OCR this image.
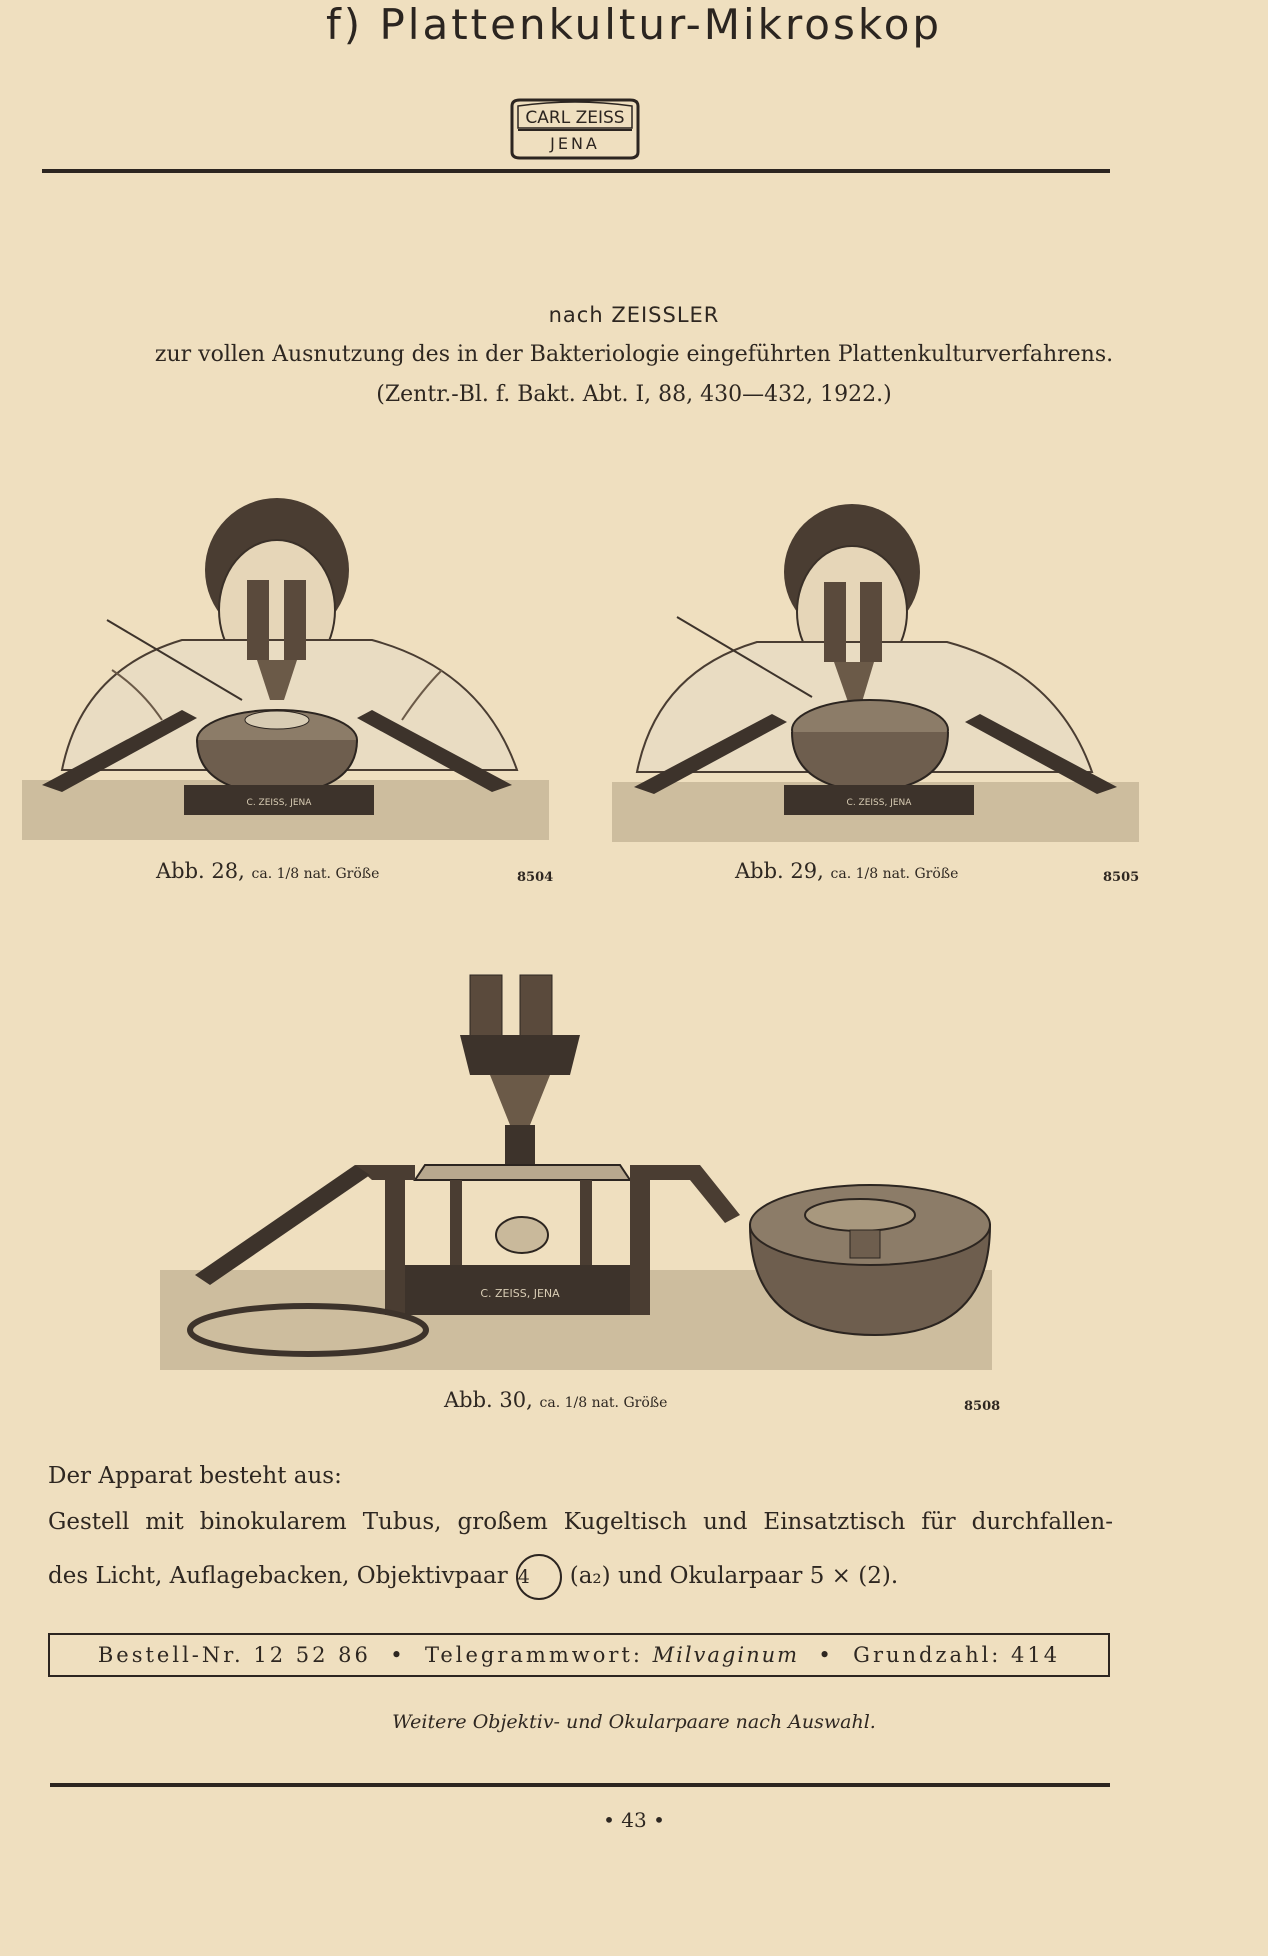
CARL ZEISS
JENA
f) Plattenkultur-Mikroskop
nach ZEISSLER
zur vollen Ausnutzung des in der Bakteriologie eingeführten Plattenkulturverfahrens.
(Zentr.-Bl. f. Bakt. Abt. I, 88, 430—432, 1922.)
C. ZEISS, JENA
Abb. 28, ca. 1/8 nat. Größe	8504
C. ZEISS, JENA
Abb. 29, ca. 1/8 nat. Größe	8505
C. ZEISS, JENA
Abb. 30, ca. 1/8 nat. Größe	8508
Der Apparat besteht aus:
Gestell mit binokularem Tubus, großem Kugeltisch und Einsatztisch für durchfallen-
des Licht, Auflagebacken, Objektivpaar 4 (a₂) und Okularpaar 5 × (2).
Bestell-Nr. 12 52 86 • Telegrammwort: Milvaginum • Grundzahl: 414
Weitere Objektiv- und Okularpaare nach Auswahl.
• 43 •
